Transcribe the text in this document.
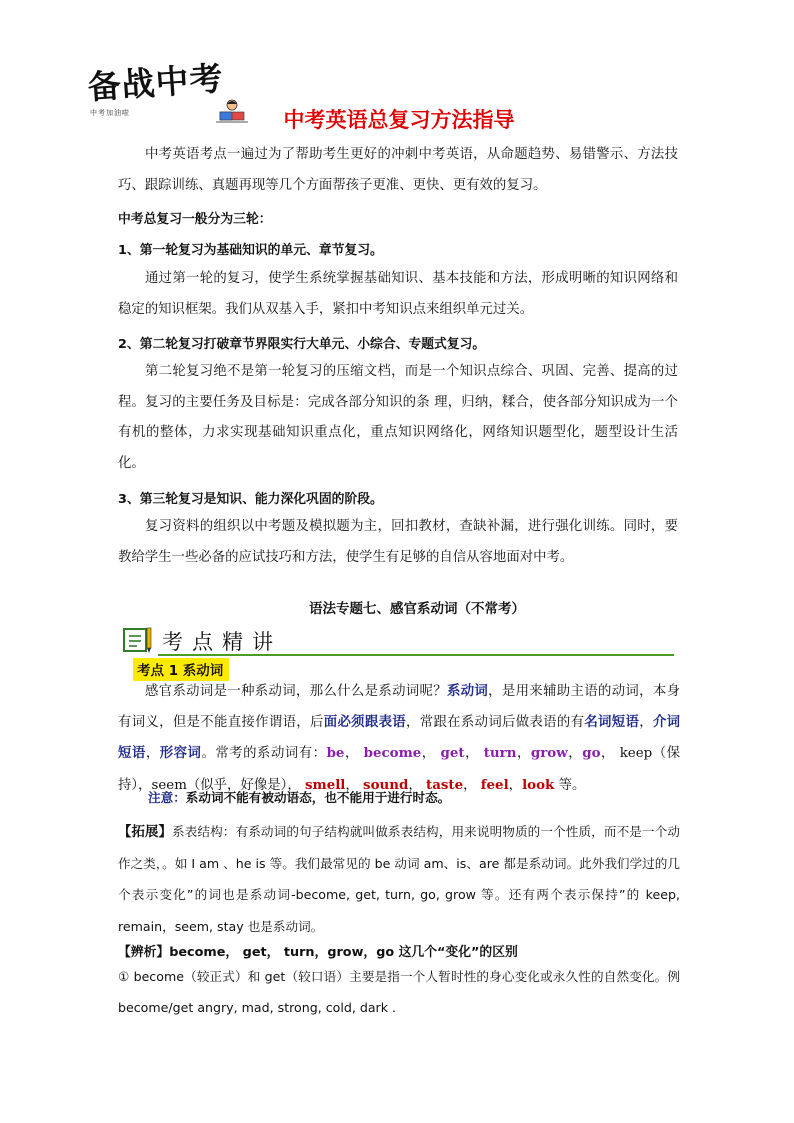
备战中考
中考加油啦	中考英语总复习方法指导

中考英语考点一遍过为了帮助考生更好的冲刺中考英语，从命题趋势、易错警示、方法技巧、跟踪训练、真题再现等几个方面帮孩子更准、更快、更有效的复习。

中考总复习一般分为三轮：

1、第一轮复习为基础知识的单元、章节复习。

通过第一轮的复习，使学生系统掌握基础知识、基本技能和方法，形成明晰的知识网络和稳定的知识框架。我们从双基入手，紧扣中考知识点来组织单元过关。

2、第二轮复习打破章节界限实行大单元、小综合、专题式复习。

第二轮复习绝不是第一轮复习的压缩文档，而是一个知识点综合、巩固、完善、提高的过程。复习的主要任务及目标是：完成各部分知识的条 理，归纳，糅合，使各部分知识成为一个有机的整体，力求实现基础知识重点化，重点知识网络化，网络知识题型化，题型设计生活化。

3、第三轮复习是知识、能力深化巩固的阶段。

复习资料的组织以中考题及模拟题为主，回扣教材，查缺补漏，进行强化训练。同时，要教给学生一些必备的应试技巧和方法，使学生有足够的自信从容地面对中考。

语法专题七、感官系动词（不常考）
考点精讲
考点 1 系动词

感官系动词是一种系动词，那么什么是系动词呢？系动词，是用来辅助主语的动词，本身有词义，但是不能直接作谓语，后面必须跟表语，常跟在系动词后做表语的有名词短语，介词短语，形容词。常考的系动词有：be， become， get， turn，grow，go， keep（保持），seem（似乎，好像是）， smell， sound， taste， feel，look 等。

注意：系动词不能有被动语态，也不能用于进行时态。

【拓展】系表结构：有系动词的句子结构就叫做系表结构，用来说明物质的一个性质，而不是一个动作之类，。如 I am 、he is 等。我们最常见的 be 动词 am、is、are 都是系动词。此外我们学过的几个表示变化”的词也是系动词-become, get, turn, go, grow 等。还有两个表示保持”的 keep, remain，seem, stay 也是系动词。

【辨析】become， get， turn，grow，go 这几个“变化”的区别

① become（较正式）和 get（较口语）主要是指一个人暂时性的身心变化或永久性的自然变化。例 become/get angry, mad, strong, cold, dark .
